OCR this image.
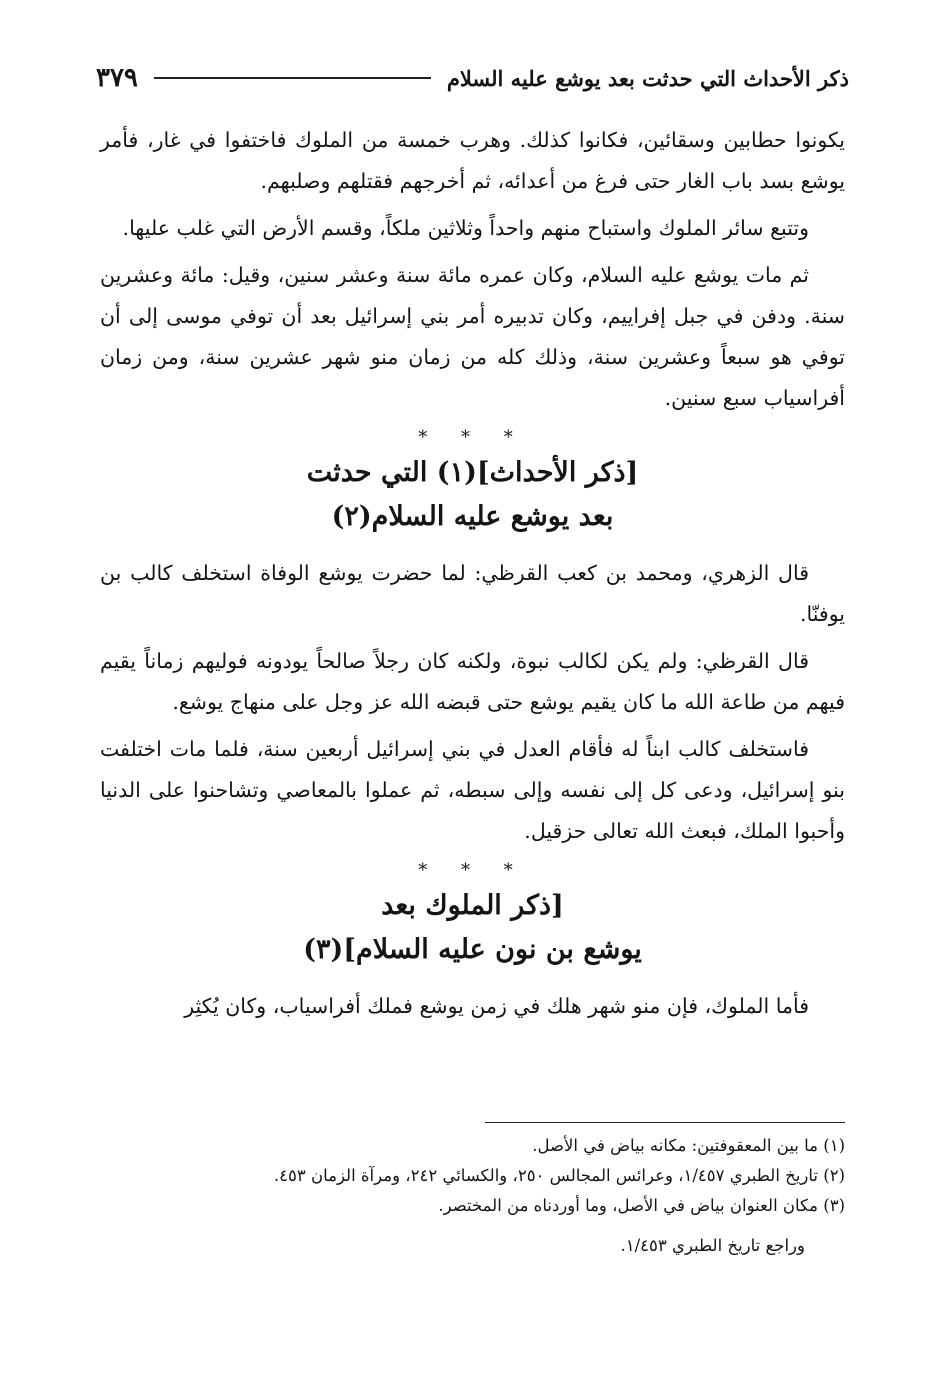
ذكر الأحداث التي حدثت بعد يوشع عليه السلام
٣٧٩

يكونوا حطابين وسقائين، فكانوا كذلك. وهرب خمسة من الملوك فاختفوا في غار، فأمر يوشع بسد باب الغار حتى فرغ من أعدائه، ثم أخرجهم فقتلهم وصلبهم.

وتتبع سائر الملوك واستباح منهم واحداً وثلاثين ملكاً، وقسم الأرض التي غلب عليها.

ثم مات يوشع عليه السلام، وكان عمره مائة سنة وعشر سنين، وقيل: مائة وعشرين سنة. ودفن في جبل إفراييم، وكان تدبيره أمر بني إسرائيل بعد أن توفي موسى إلى أن توفي هو سبعاً وعشرين سنة، وذلك كله من زمان منو شهر عشرين سنة، ومن زمان أفراسياب سبع سنين.

* * *
[ذكر الأحداث](١) التي حدثت
بعد يوشع عليه السلام(٢)

قال الزهري، ومحمد بن كعب القرظي: لما حضرت يوشع الوفاة استخلف كالب بن يوفنّا.

قال القرظي: ولم يكن لكالب نبوة، ولكنه كان رجلاً صالحاً يودونه فوليهم زماناً يقيم فيهم من طاعة الله ما كان يقيم يوشع حتى قبضه الله عز وجل على منهاج يوشع.

فاستخلف كالب ابناً له فأقام العدل في بني إسرائيل أربعين سنة، فلما مات اختلفت بنو إسرائيل، ودعى كل إلى نفسه وإلى سبطه، ثم عملوا بالمعاصي وتشاحنوا على الدنيا وأحبوا الملك، فبعث الله تعالى حزقيل.

* * *
[ذكر الملوك بعد
يوشع بن نون عليه السلام](٣)

فأما الملوك، فإن منو شهر هلك في زمن يوشع فملك أفراسياب، وكان يُكثِر

(١) ما بين المعقوفتين: مكانه بياض في الأصل.

(٢) تاريخ الطبري ١/٤٥٧، وعرائس المجالس ٢٥٠، والكسائي ٢٤٢، ومرآة الزمان ٤٥٣.

(٣) مكان العنوان بياض في الأصل، وما أوردناه من المختصر.

وراجع تاريخ الطبري ١/٤٥٣.
